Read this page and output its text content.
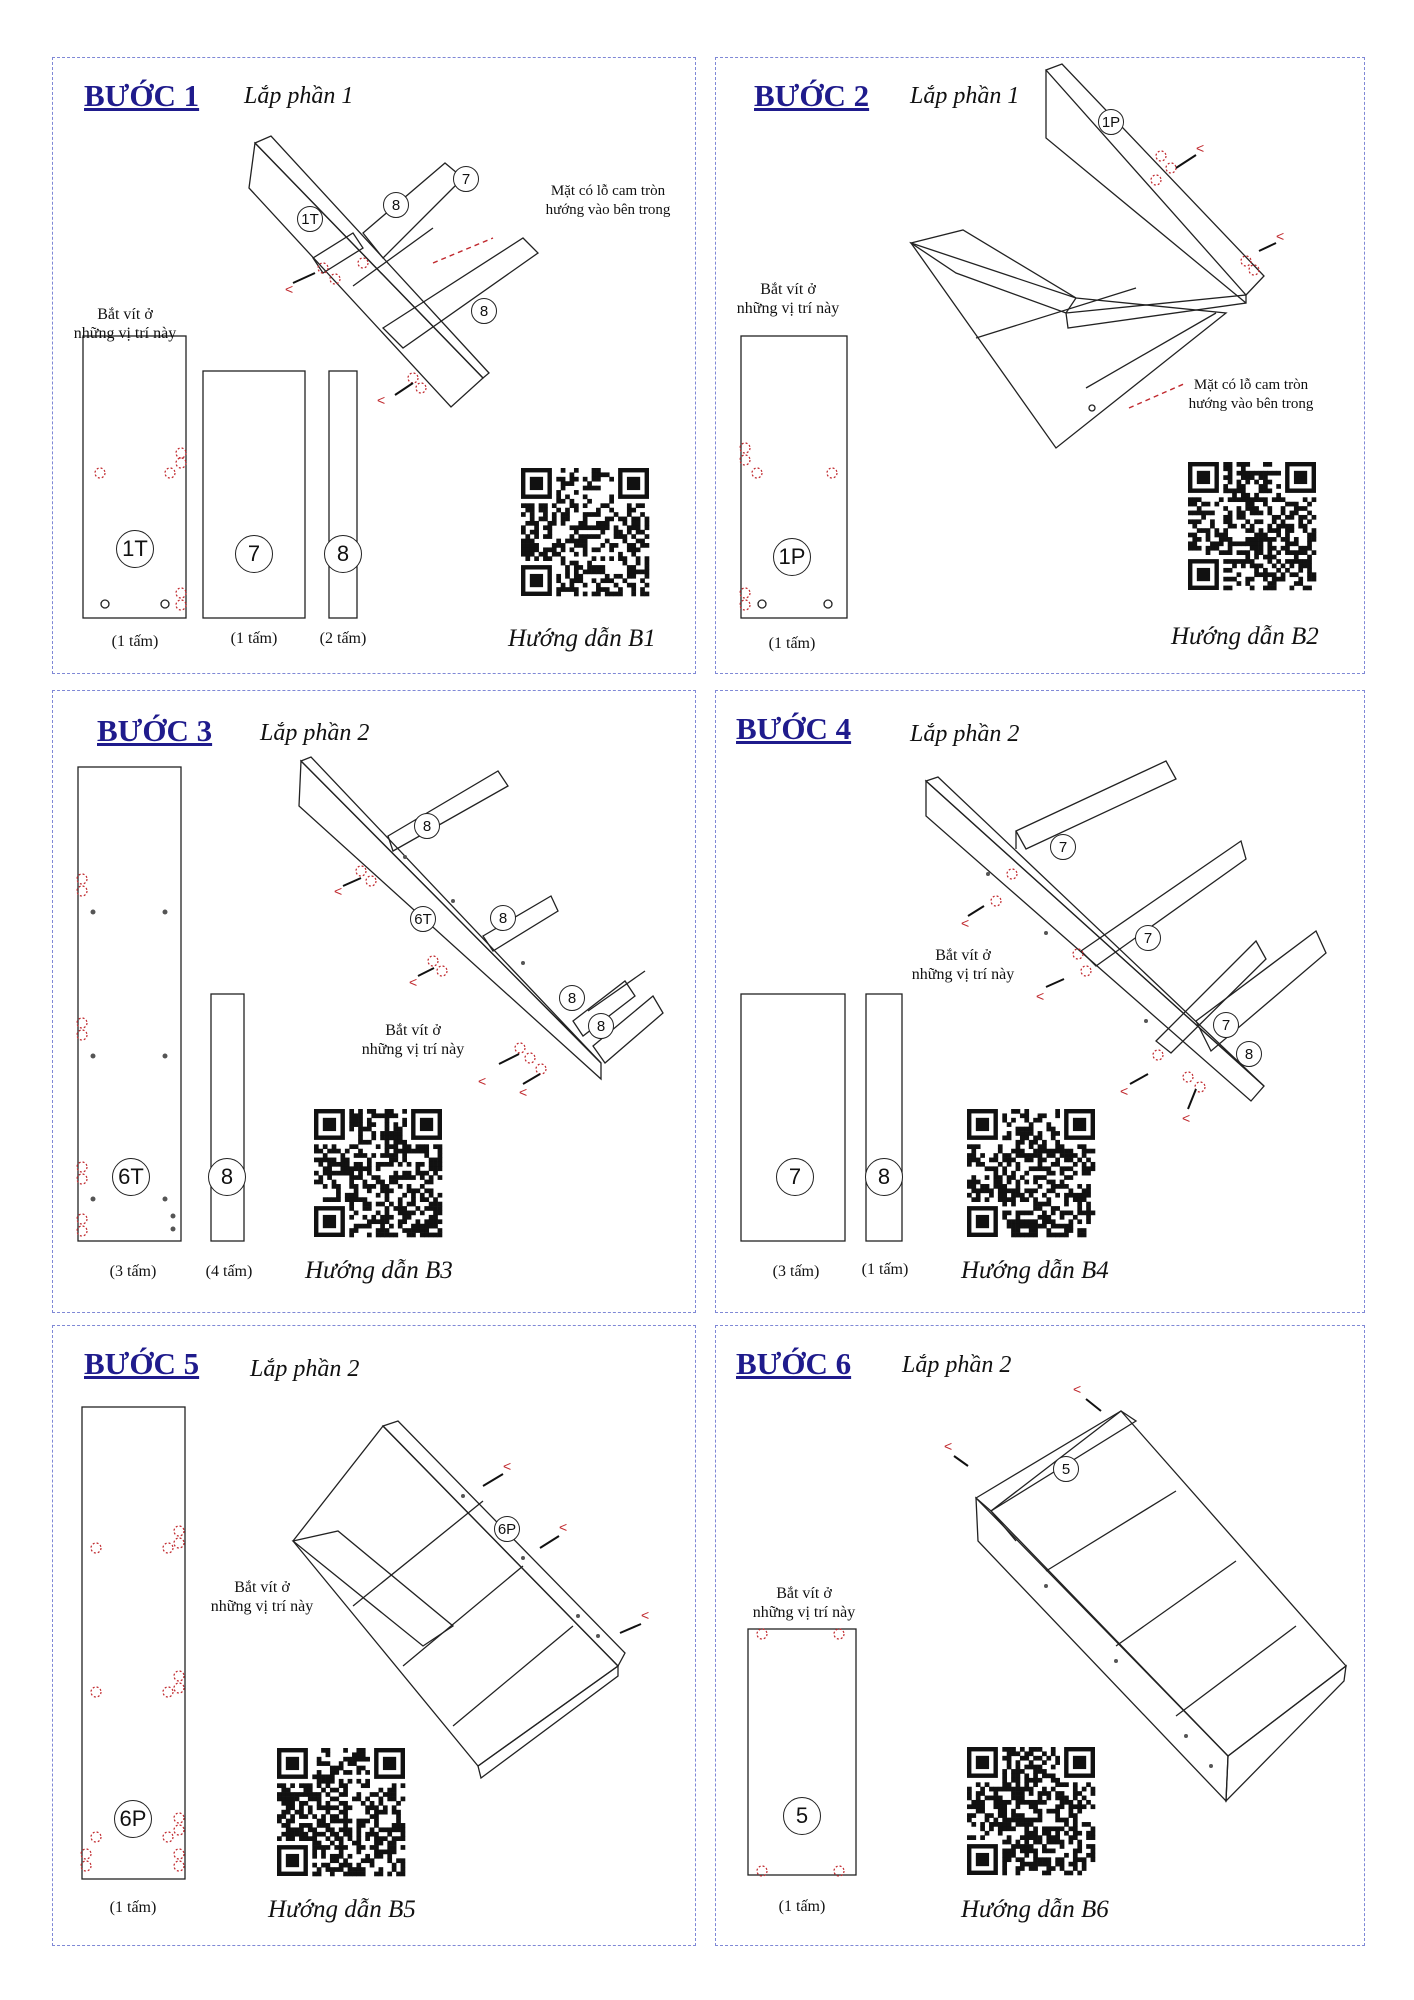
BƯỚC 1 Lắp phần 1
<
<
Bắt vít ở
những vị trí này
Mặt có lỗ cam tròn
hướng vào bên trong
1T	7	8
1T
8
7
8
(1 tấm)	(1 tấm)	(2 tấm)	Hướng dẫn B1
BƯỚC 2 Lắp phần 1
<
<
Bắt vít ở
những vị trí này
Mặt có lỗ cam tròn
hướng vào bên trong
1P
1P
(1 tấm)	Hướng dẫn B2
BƯỚC 3 Lắp phần 2
<
<
<
<
Bắt vít ở
những vị trí này
6T	8
8
6T	8
8
8
(3 tấm)	(4 tấm) Hướng dẫn B3
BƯỚC 4 Lắp phần 2
<
<
<
<
Bắt vít ở
những vị trí này
7	8
7
7
7
8
(3 tấm)	(1 tấm) Hướng dẫn B4
BƯỚC 5 Lắp phần 2
<
<
<
Bắt vít ở
những vị trí này
6P
6P
(1 tấm)	Hướng dẫn B5
BƯỚC 6 Lắp phần 2
<
<
Bắt vít ở
những vị trí này
5
5
(1 tấm)	Hướng dẫn B6
